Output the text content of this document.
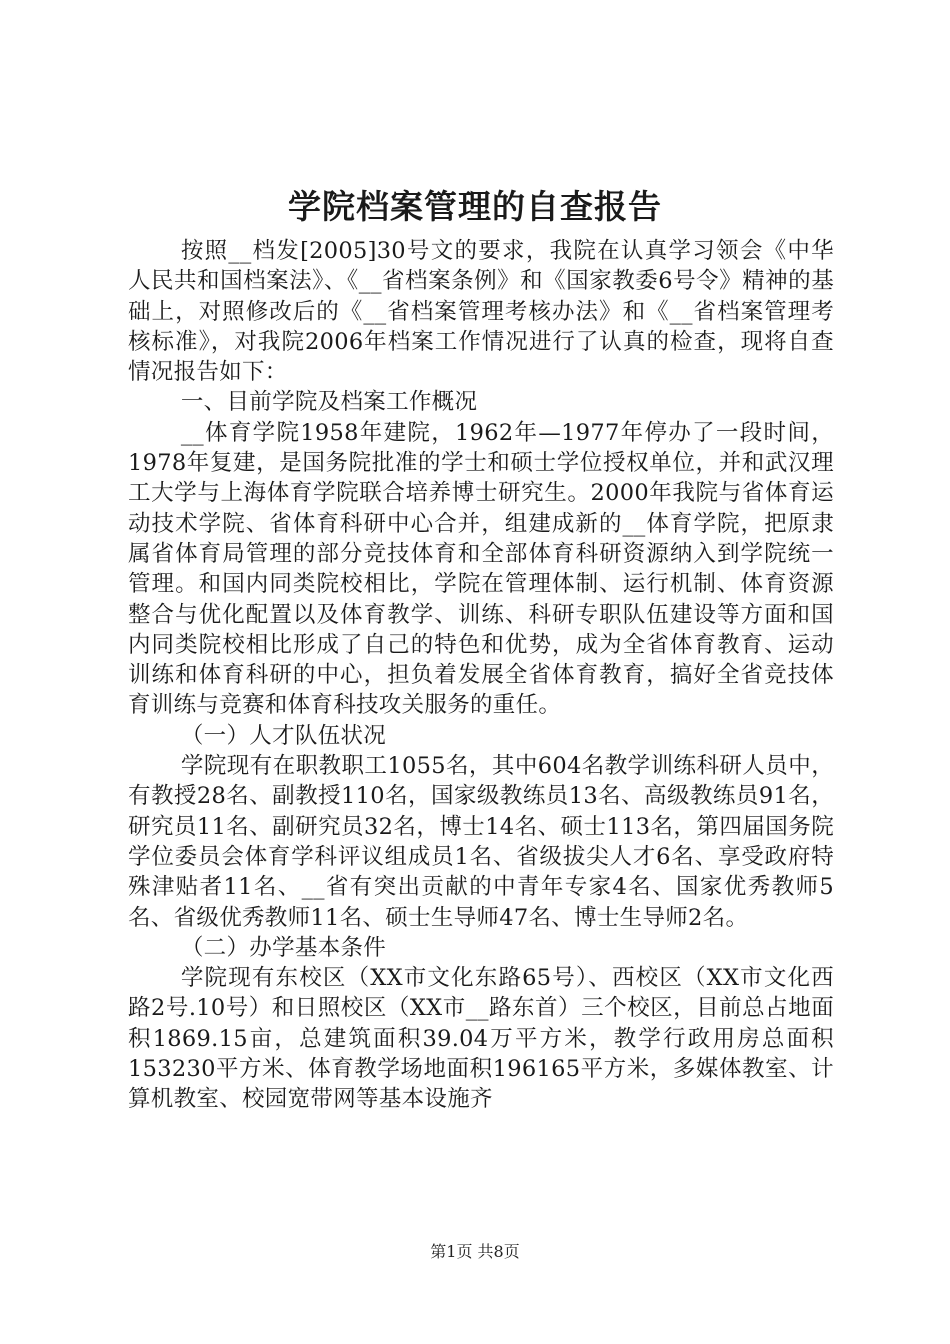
学院档案管理的自查报告

按照__档发[2005]30号文的要求，我院在认真学习领会《中华人民共和国档案法》、《__省档案条例》和《国家教委6号令》精神的基础上，对照修改后的《__省档案管理考核办法》和《__省档案管理考核标准》，对我院2006年档案工作情况进行了认真的检查，现将自查情况报告如下：

一、目前学院及档案工作概况

__体育学院1958年建院，1962年—1977年停办了一段时间，1978年复建，是国务院批准的学士和硕士学位授权单位，并和武汉理工大学与上海体育学院联合培养博士研究生。2000年我院与省体育运动技术学院、省体育科研中心合并，组建成新的__体育学院，把原隶属省体育局管理的部分竞技体育和全部体育科研资源纳入到学院统一管理。和国内同类院校相比，学院在管理体制、运行机制、体育资源整合与优化配置以及体育教学、训练、科研专职队伍建设等方面和国内同类院校相比形成了自己的特色和优势，成为全省体育教育、运动训练和体育科研的中心，担负着发展全省体育教育，搞好全省竞技体育训练与竞赛和体育科技攻关服务的重任。

（一）人才队伍状况

学院现有在职教职工1055名，其中604名教学训练科研人员中，有教授28名、副教授110名，国家级教练员13名、高级教练员91名，研究员11名、副研究员32名，博士14名、硕士113名，第四届国务院学位委员会体育学科评议组成员1名、省级拔尖人才6名、享受政府特殊津贴者11名、__省有突出贡献的中青年专家4名、国家优秀教师5名、省级优秀教师11名、硕士生导师47名、博士生导师2名。

（二）办学基本条件

学院现有东校区（XX市文化东路65号）、西校区（XX市文化西路2号.10号）和日照校区（XX市__路东首）三个校区，目前总占地面积1869.15亩，总建筑面积39.04万平方米，教学行政用房总面积153230平方米、体育教学场地面积196165平方米，多媒体教室、计算机教室、校园宽带网等基本设施齐

第1页 共8页
